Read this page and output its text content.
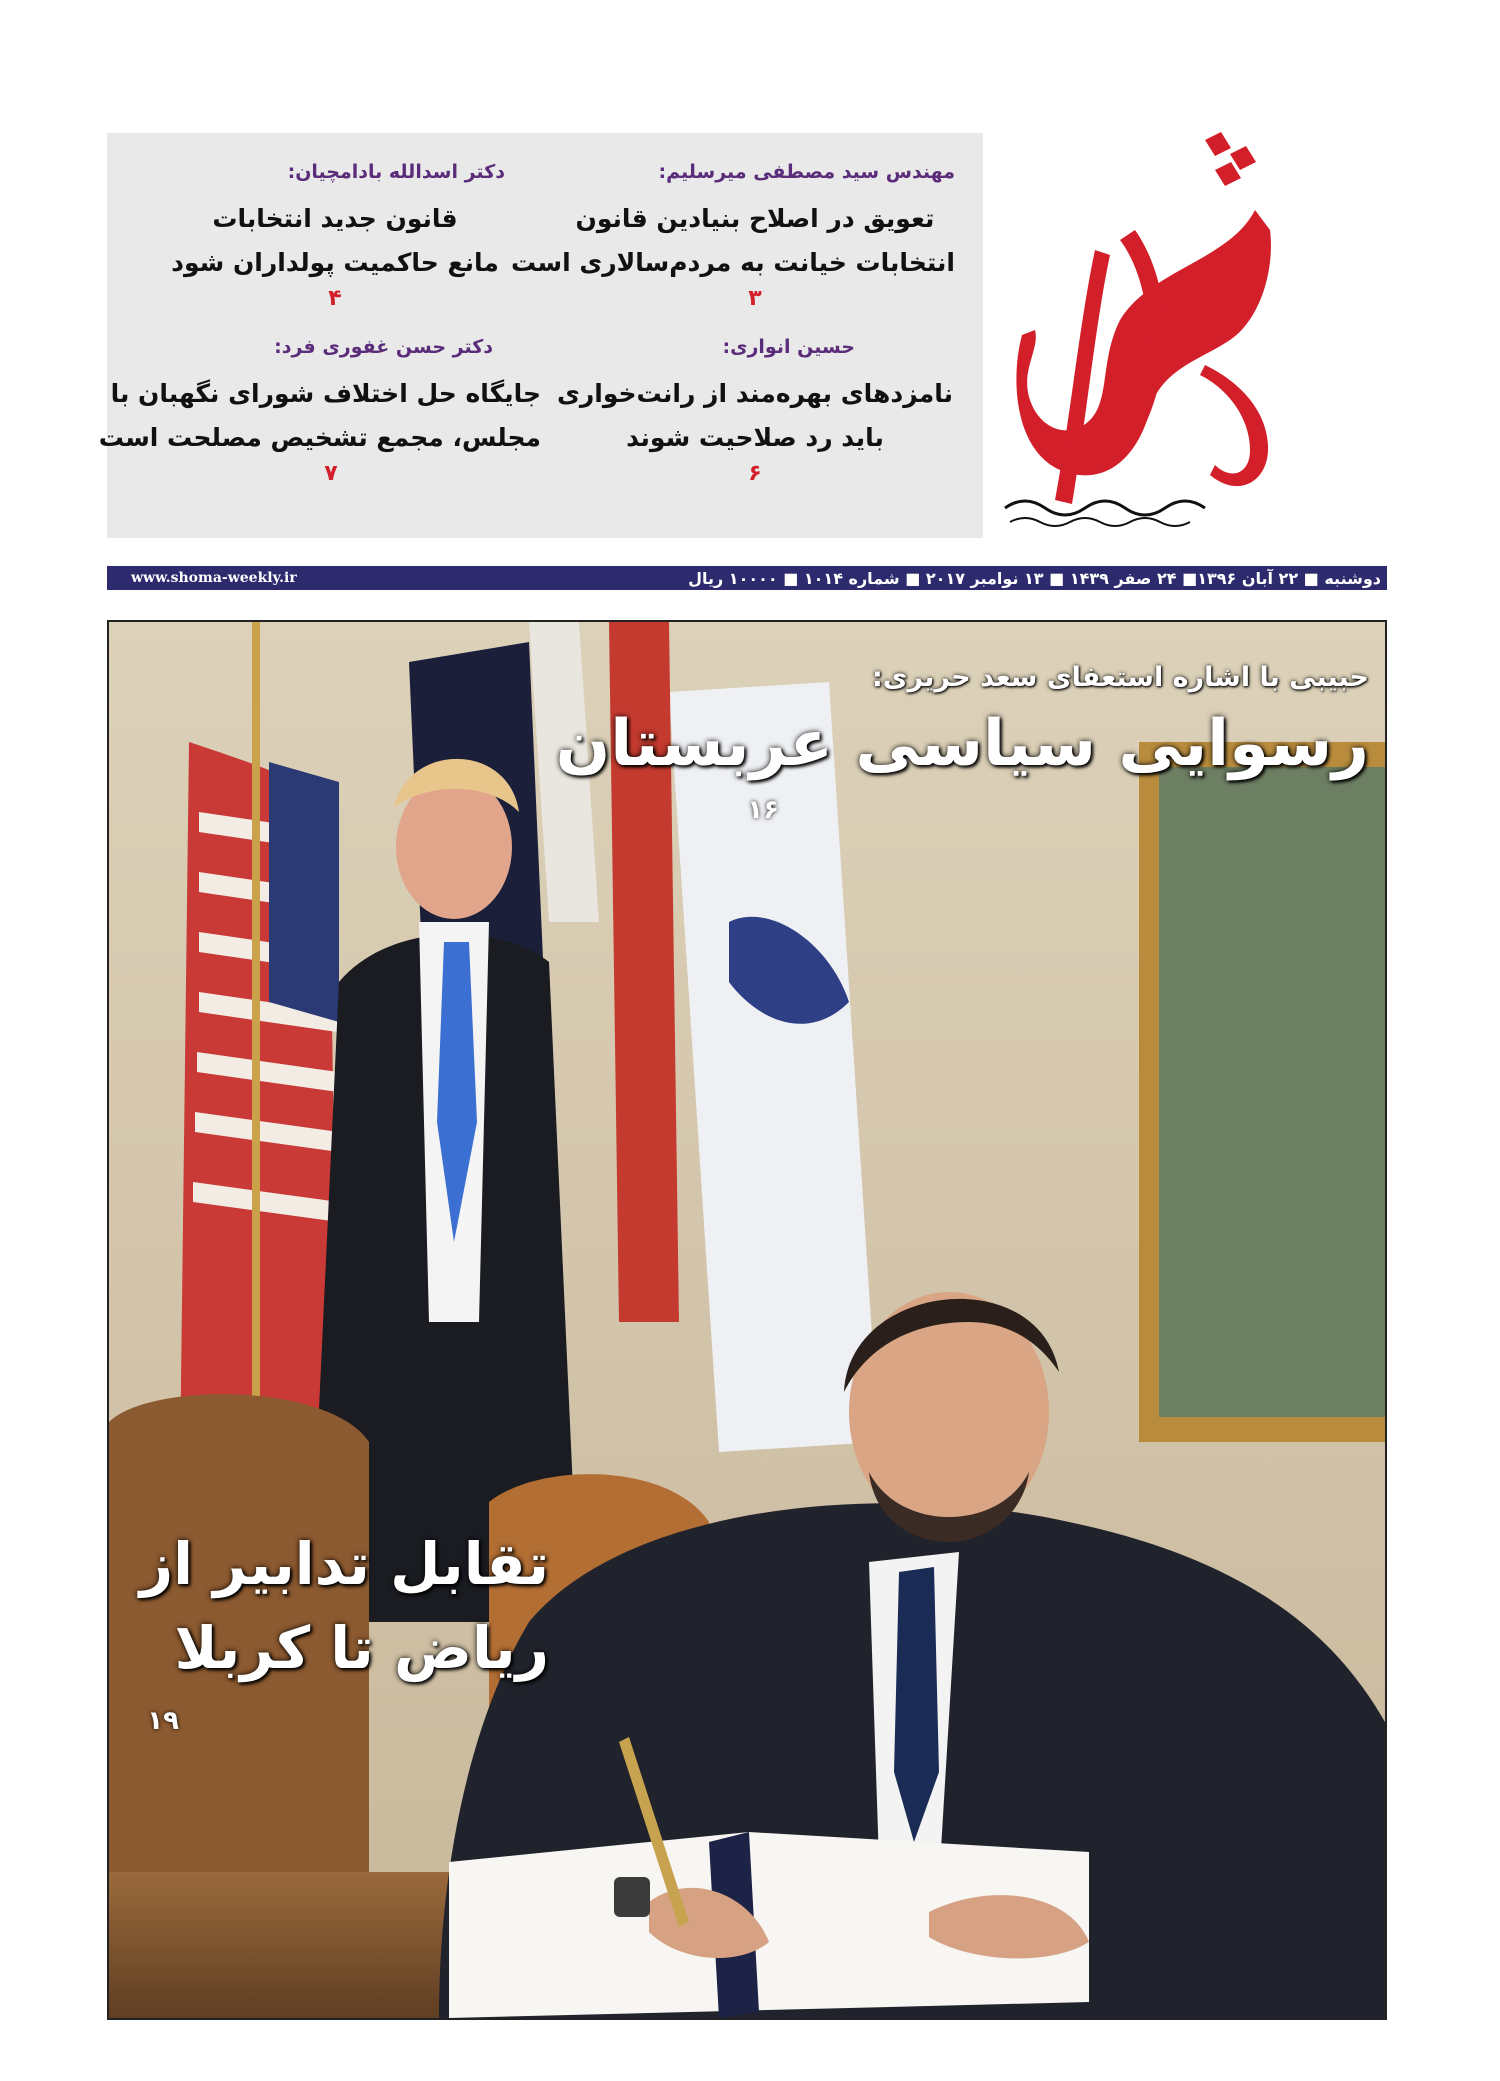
مهندس سید مصطفی میرسلیم:
تعویق در اصلاح بنیادین قانون
انتخابات خیانت به مردم‌سالاری است
۳
دکتر اسدالله بادامچیان:
قانون جدید انتخابات
مانع حاکمیت پولداران شود
۴
حسین انواری:
نامزدهای بهره‌مند از رانت‌خواری
باید رد صلاحیت شوند
۶
دکتر حسن غفوری فرد:
جایگاه حل اختلاف شورای نگهبان با
مجلس، مجمع تشخیص مصلحت است
۷
www.shoma-weekly.ir	دوشنبه ■ ۲۲ آبان ۱۳۹۶■ ۲۴ صفر ۱۴۳۹ ■ ۱۳ نوامبر ۲۰۱۷ ■ شماره ۱۰۱۴ ■ ۱۰۰۰۰ ریال
حبیبی با اشاره استعفای سعد حریری:
رسوایی سیاسی عربستان
۱۶
تقابل تدابیر از
ریاض تا کربلا
۱۹
